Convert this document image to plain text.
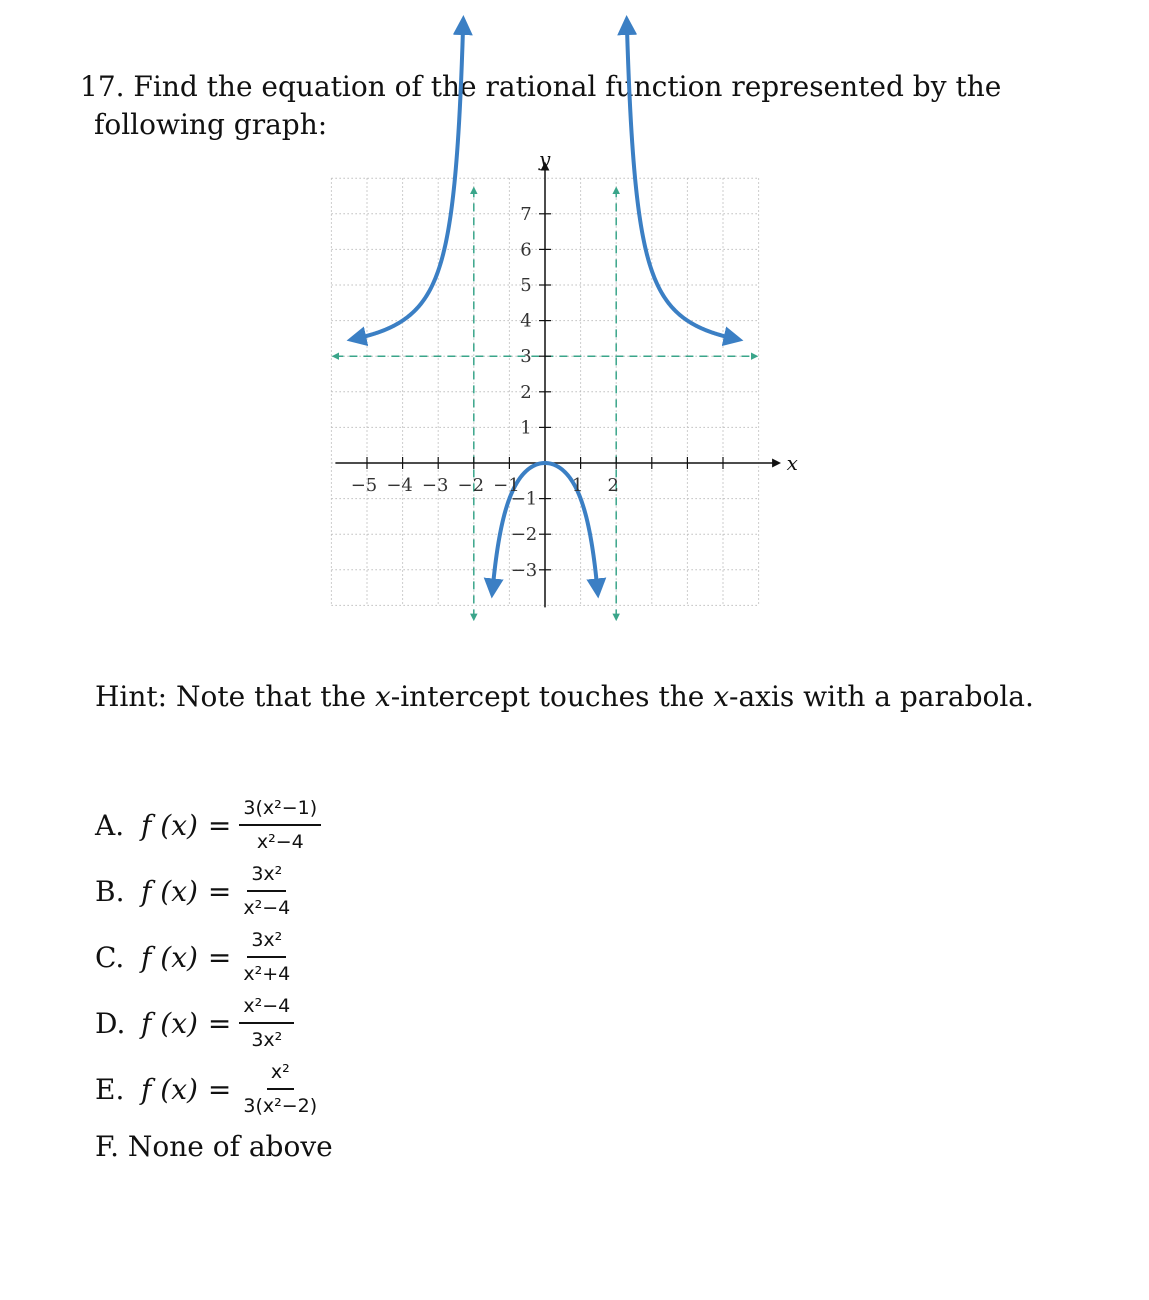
17. Find the equation of the rational function represented by the
following graph:
−5 −4 −3 −2 −1	1 2
7
6
5
4
3
2
1
−1
−2
−3
x
y
Hint: Note that the x-intercept touches the x-axis with a parabola.
A. f $(x) = \frac{\text{3(x²−1)}}{\text{x²−4}}$
B. f $(x) = \frac{\text{3x²}}{\text{x²−4}}$
C. f $(x) = \frac{\text{3x²}}{\text{x²+4}}$
D. f $(x) = \frac{\text{x²−4}}{\text{3x²}}$
E. f $(x) = \frac{\text{x²}}{\text{3(x²−2)}}$
F. None of above
